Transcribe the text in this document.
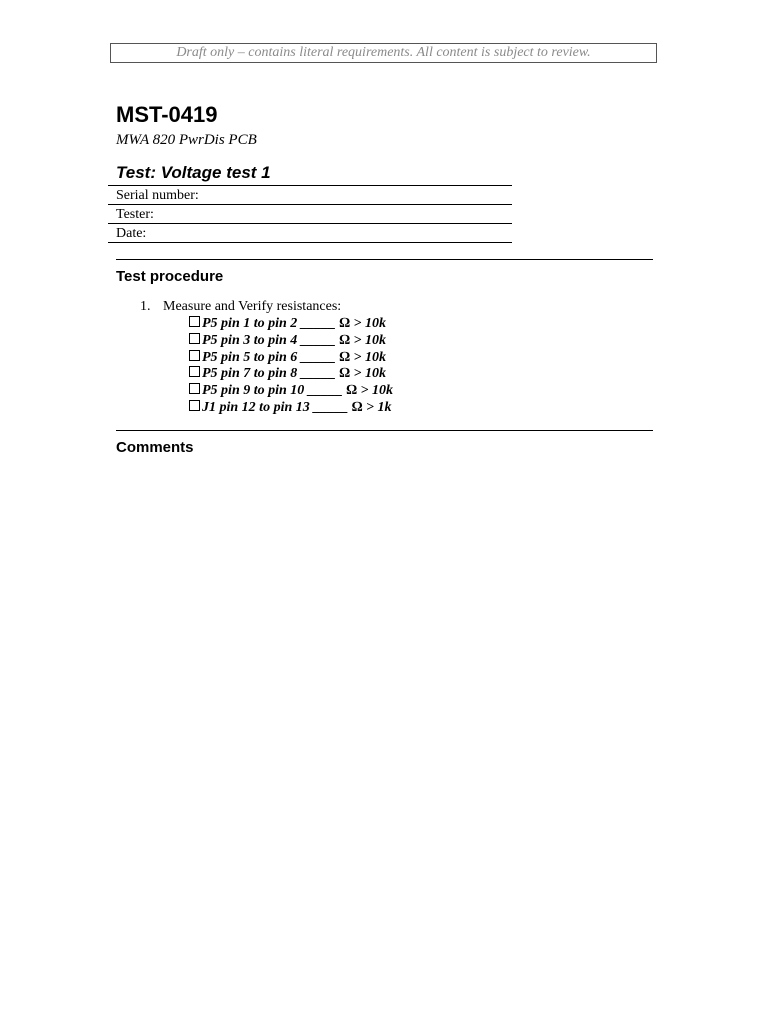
Draft only – contains literal requirements. All content is subject to review.
MST-0419
MWA 820 PwrDis PCB
Test: Voltage test 1
Serial number:
Tester:
Date:
Test procedure
1. Measure and Verify resistances:
P5 pin 1 to pin 2 _____ Ω > 10k
P5 pin 3 to pin 4 _____ Ω > 10k
P5 pin 5 to pin 6 _____ Ω > 10k
P5 pin 7 to pin 8 _____ Ω > 10k
P5 pin 9 to pin 10 _____ Ω > 10k
J1 pin 12 to pin 13 _____ Ω > 1k
Comments
